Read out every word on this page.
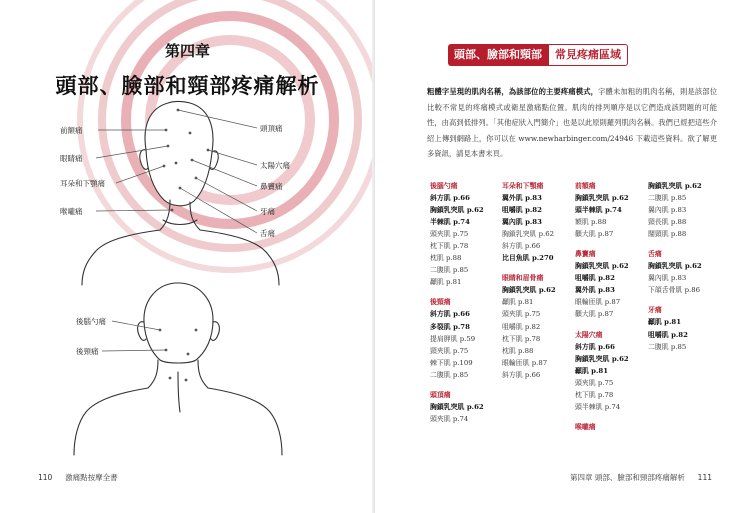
第四章
頭部、臉部和頸部疼痛解析
前額痛
眼睛痛
耳朵和下顎痛
喉嚨痛
頭頂痛
太陽穴痛
鼻竇痛
牙痛
舌痛
後腦勺痛
後頸痛
110 激痛點按摩全書
頭部、臉部和頸部	常見疼痛區域
粗體字呈現的肌肉名稱，為該部位的主要疼痛模式，字體未加粗的肌肉名稱，則是該部位比較不常見的疼痛模式或衛星激痛點位置。肌肉的排列順序是以它們造成該問題的可能性，由高到低排列。「其他症狀入門簡介」也是以此原則羅列肌肉名稱。我們已經把這些介紹上傳到網路上，你可以在 www.newharbinger.com/24946 下載這些資料。欲了解更多資訊，請見本書末頁。
後腦勺痛
斜方肌 p.66
胸鎖乳突肌 p.62
半棘肌 p.74
頭夾肌 p.75
枕下肌 p.78
枕肌 p.88
二腹肌 p.85
顳肌 p.81
後頸痛
斜方肌 p.66
多裂肌 p.78
提肩胛肌 p.59
頸夾肌 p.75
棘下肌 p.109
二腹肌 p.85
頭頂痛
胸鎖乳突肌 p.62
頭夾肌 p.74
耳朵和下顎痛
翼外肌 p.83
咀嚼肌 p.82
翼內肌 p.83
胸鎖乳突肌 p.62
斜方肌 p.66
比目魚肌 p.270
眼睛和眉骨痛
胸鎖乳突肌 p.62
顳肌 p.81
頭夾肌 p.75
咀嚼肌 p.82
枕下肌 p.78
枕肌 p.88
眼輪匝肌 p.87
斜方肌 p.66
前額痛
胸鎖乳突肌 p.62
頭半棘肌 p.74
額肌 p.88
顴大肌 p.87
鼻竇痛
胸鎖乳突肌 p.62
咀嚼肌 p.82
翼外肌 p.83
眼輪匝肌 p.87
顴大肌 p.87
太陽穴痛
斜方肌 p.66
胸鎖乳突肌 p.62
顳肌 p.81
頭夾肌 p.75
枕下肌 p.78
頭半棘肌 p.74
喉嚨痛
胸鎖乳突肌 p.62
二腹肌 p.85
翼內肌 p.83
頸長肌 p.88
闊頸肌 p.88
舌痛
胸鎖乳突肌 p.62
翼內肌 p.83
下頜舌骨肌 p.86
牙痛
顳肌 p.81
咀嚼肌 p.82
二腹肌 p.85
第四章 頭部、臉部和頸部疼痛解析 111
